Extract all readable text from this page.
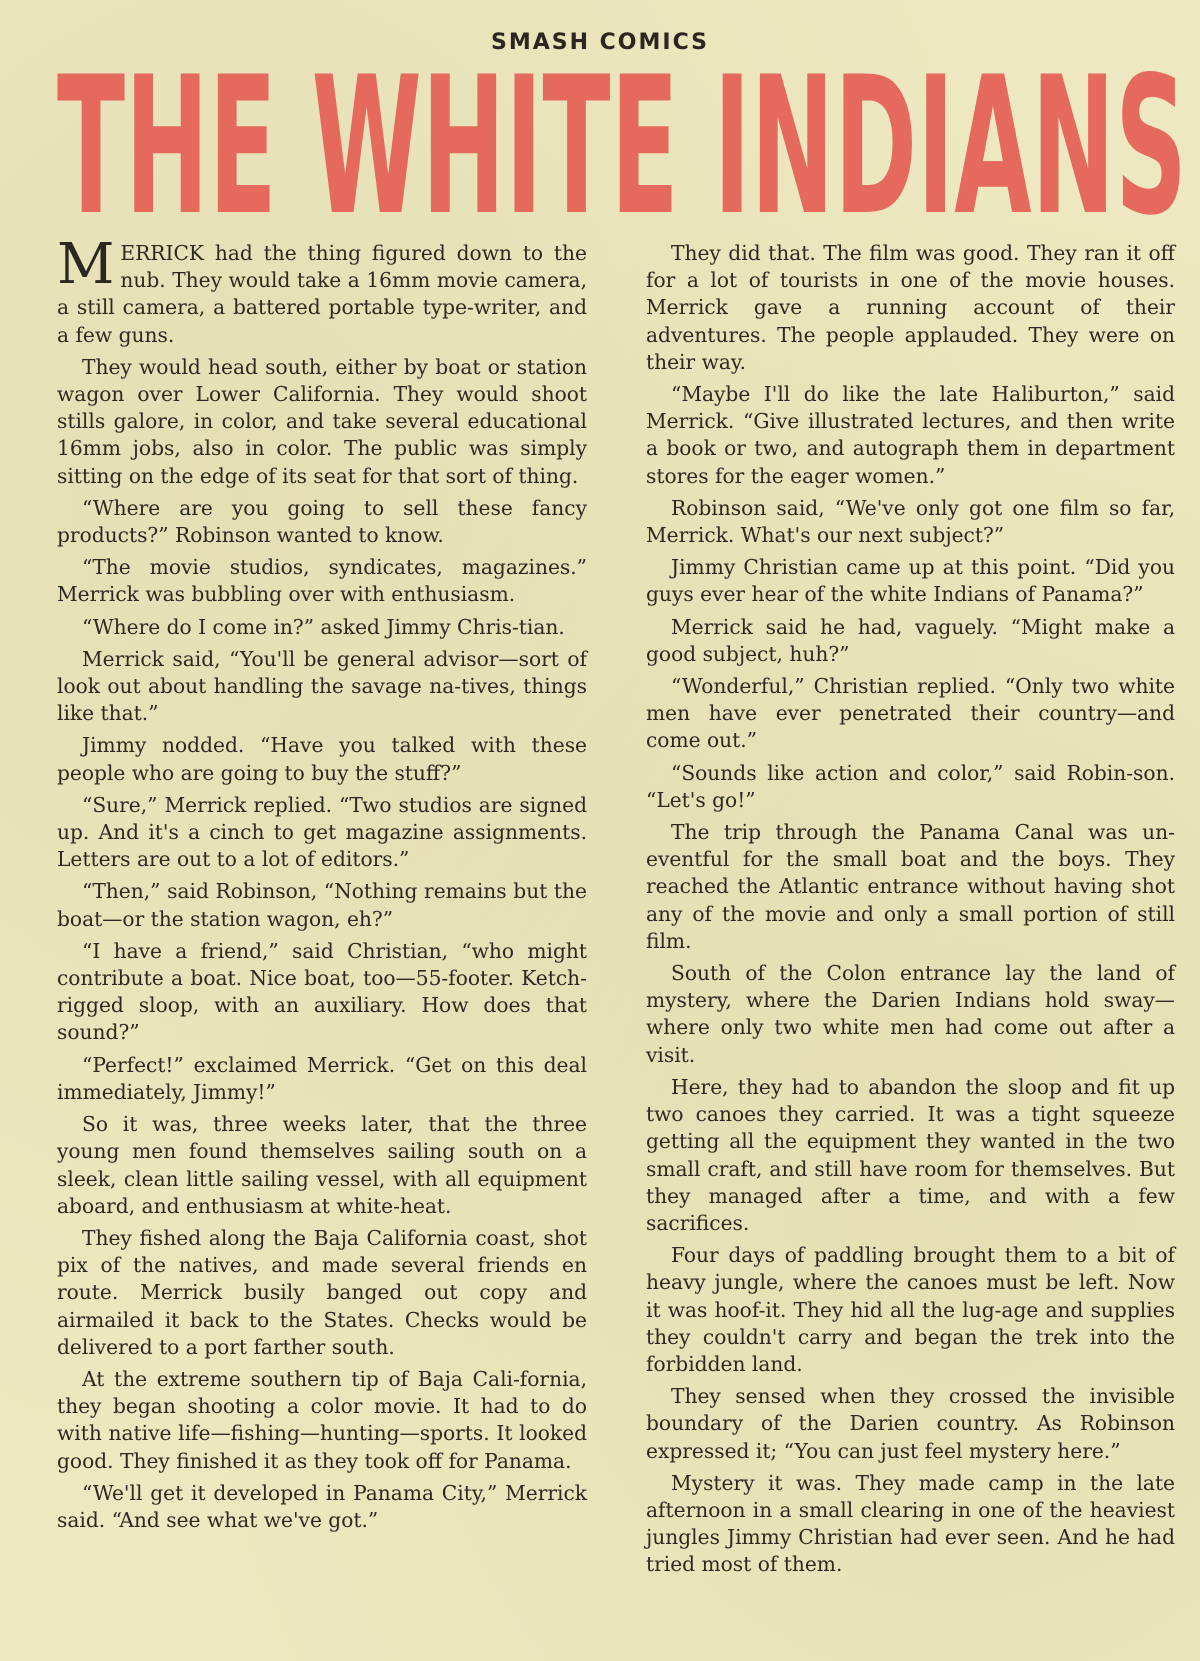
SMASH COMICS
THE WHITE INDIANS

MERRICK had the thing figured down to the nub. They would take a 16mm movie camera, a still camera, a battered portable type-writer, and a few guns.

They would head south, either by boat or station wagon over Lower California. They would shoot stills galore, in color, and take several educational 16mm jobs, also in color. The public was simply sitting on the edge of its seat for that sort of thing.

“Where are you going to sell these fancy products?” Robinson wanted to know.

“The movie studios, syndicates, magazines.” Merrick was bubbling over with enthusiasm.

“Where do I come in?” asked Jimmy Chris-tian.

Merrick said, “You'll be general advisor—sort of look out about handling the savage na-tives, things like that.”

Jimmy nodded. “Have you talked with these people who are going to buy the stuff?”

“Sure,” Merrick replied. “Two studios are signed up. And it's a cinch to get magazine assignments. Letters are out to a lot of editors.”

“Then,” said Robinson, “Nothing remains but the boat—or the station wagon, eh?”

“I have a friend,” said Christian, “who might contribute a boat. Nice boat, too—55-footer. Ketch-rigged sloop, with an auxiliary. How does that sound?”

“Perfect!” exclaimed Merrick. “Get on this deal immediately, Jimmy!”

So it was, three weeks later, that the three young men found themselves sailing south on a sleek, clean little sailing vessel, with all equipment aboard, and enthusiasm at white-heat.

They fished along the Baja California coast, shot pix of the natives, and made several friends en route. Merrick busily banged out copy and airmailed it back to the States. Checks would be delivered to a port farther south.

At the extreme southern tip of Baja Cali-fornia, they began shooting a color movie. It had to do with native life—fishing—hunting—sports. It looked good. They finished it as they took off for Panama.

“We'll get it developed in Panama City,” Merrick said. “And see what we've got.”

They did that. The film was good. They ran it off for a lot of tourists in one of the movie houses. Merrick gave a running account of their adventures. The people applauded. They were on their way.

“Maybe I'll do like the late Haliburton,” said Merrick. “Give illustrated lectures, and then write a book or two, and autograph them in department stores for the eager women.”

Robinson said, “We've only got one film so far, Merrick. What's our next subject?”

Jimmy Christian came up at this point. “Did you guys ever hear of the white Indians of Panama?”

Merrick said he had, vaguely. “Might make a good subject, huh?”

“Wonderful,” Christian replied. “Only two white men have ever penetrated their country—and come out.”

“Sounds like action and color,” said Robin-son. “Let's go!”

The trip through the Panama Canal was un-eventful for the small boat and the boys. They reached the Atlantic entrance without having shot any of the movie and only a small portion of still film.

South of the Colon entrance lay the land of mystery, where the Darien Indians hold sway—where only two white men had come out after a visit.

Here, they had to abandon the sloop and fit up two canoes they carried. It was a tight squeeze getting all the equipment they wanted in the two small craft, and still have room for themselves. But they managed after a time, and with a few sacrifices.

Four days of paddling brought them to a bit of heavy jungle, where the canoes must be left. Now it was hoof-it. They hid all the lug-age and supplies they couldn't carry and began the trek into the forbidden land.

They sensed when they crossed the invisible boundary of the Darien country. As Robinson expressed it; “You can just feel mystery here.”

Mystery it was. They made camp in the late afternoon in a small clearing in one of the heaviest jungles Jimmy Christian had ever seen. And he had tried most of them.
